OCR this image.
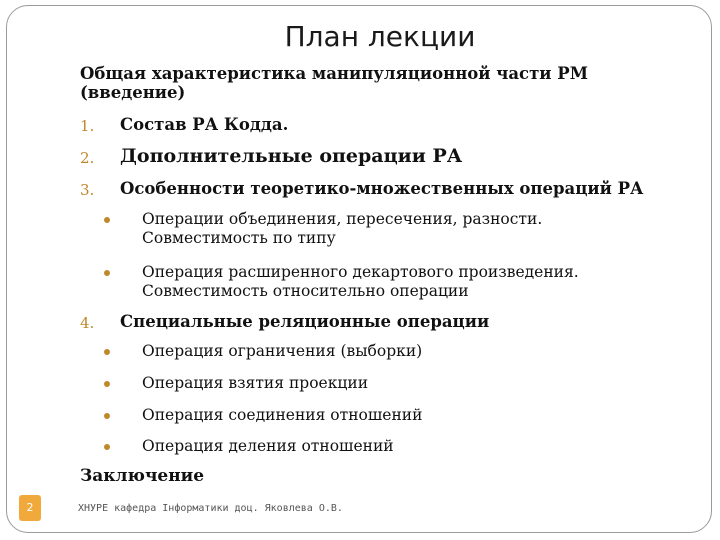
План лекции
Общая характеристика манипуляционной части РМ
(введение)
1. Состав РА Кодда.
2. Дополнительные операции РА
3. Особенности теоретико-множественных операций РА
Операции объединения, пересечения, разности.
Совместимость по типу
Операция расширенного декартового произведения.
Совместимость относительно операции
4. Специальные реляционные операции
Операция ограничения (выборки)
Операция взятия проекции
Операция соединения отношений
Операция деления отношений
Заключение
2	ХНУРЕ кафедра Інформатики доц. Яковлева О.В.
